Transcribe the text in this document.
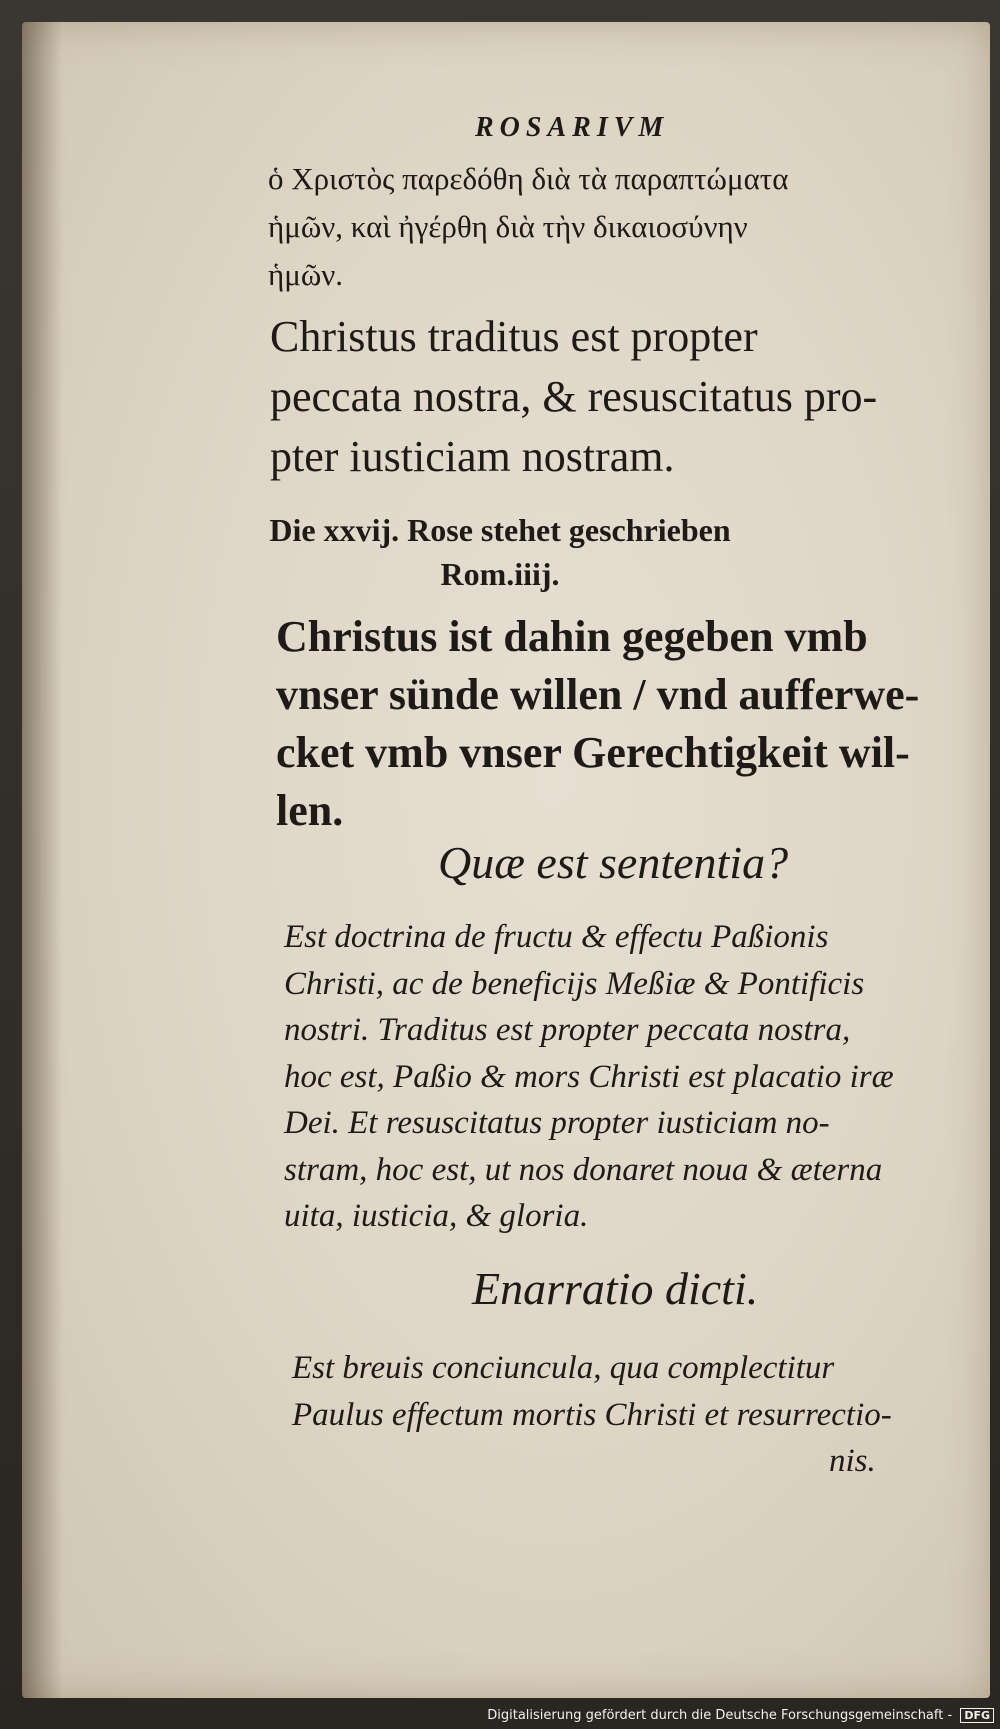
ROSARIVM
ὁ Χριστὸς παρεδόθη διὰ τὰ παραπτώματα
ἡμῶν, καὶ ἠγέρθη διὰ τὴν δικαιοσύνην
ἡμῶν.
Christus traditus est propter
peccata nostra, & resuscitatus pro-
pter iusticiam nostram.
Die xxvij. Rose stehet geschrieben
Rom.iiij.
Christus ist dahin gegeben vmb
vnser sünde willen / vnd aufferwe-
cket vmb vnser Gerechtigkeit wil-
len.
Quæ est sententia?
Est doctrina de fructu & effectu Paßionis
Christi, ac de beneficijs Meßiæ & Pontificis
nostri. Traditus est propter peccata nostra,
hoc est, Paßio & mors Christi est placatio iræ
Dei. Et resuscitatus propter iusticiam no-
stram, hoc est, ut nos donaret noua & æterna
uita, iusticia, & gloria.
Enarratio dicti.
Est breuis conciuncula, qua complectitur
Paulus effectum mortis Christi et resurrectio-
nis.
Digitalisierung gefördert durch die Deutsche Forschungsgemeinschaft - DFG
